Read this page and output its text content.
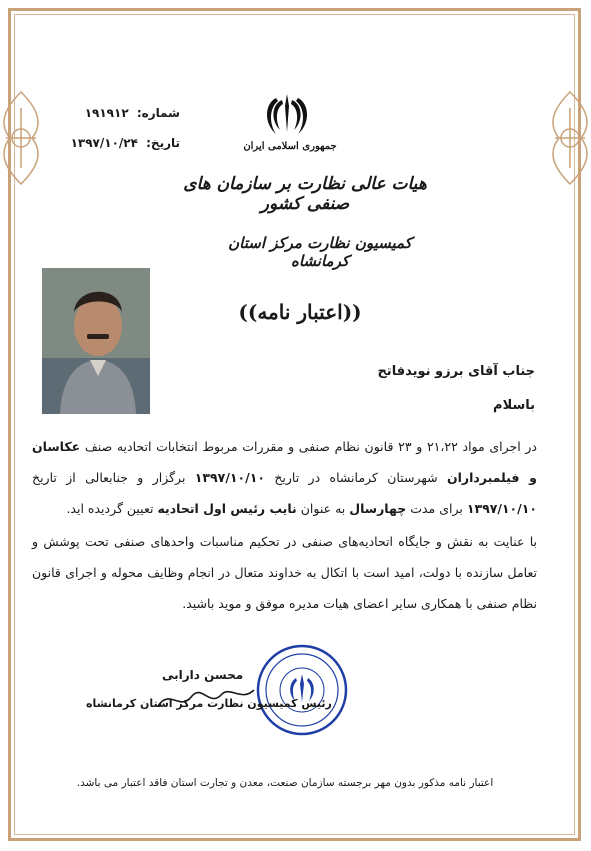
شماره: ۱۹۱۹۱۲
تاریخ: ۱۳۹۷/۱۰/۲۴	جمهوری اسلامی ایران
هیات عالی نظارت بر سازمان های صنفی کشور
کمیسیون نظارت مرکز استان کرمانشاه
((اعتبار نامه))
جناب آقای برزو نویدفاتح
باسلام
در اجرای مواد ۲۱،۲۲ و ۲۳ قانون نظام صنفی و مقررات مربوط انتخابات اتحادیه صنف عکاسان و فیلمبرداران شهرستان کرمانشاه در تاریخ ۱۳۹۷/۱۰/۱۰ برگزار و جنابعالی از تاریخ ۱۳۹۷/۱۰/۱۰ برای مدت چهارسال به عنوان نایب رئیس اول اتحادیه تعیین گردیده اید.
با عنایت به نقش و جایگاه اتحادیه‌های صنفی در تحکیم مناسبات واحدهای صنفی تحت پوشش و تعامل سازنده با دولت، امید است با اتکال به خداوند متعال در انجام وظایف محوله و اجرای قانون نظام صنفی با همکاری سایر اعضای هیات مدیره موفق و موید باشید.
محسن دارابی
رئیس کمیسیون نظارت مرکز استان کرمانشاه
اعتبار نامه مذکور بدون مهر برجسته سازمان صنعت، معدن و تجارت استان فاقد اعتبار می باشد.
